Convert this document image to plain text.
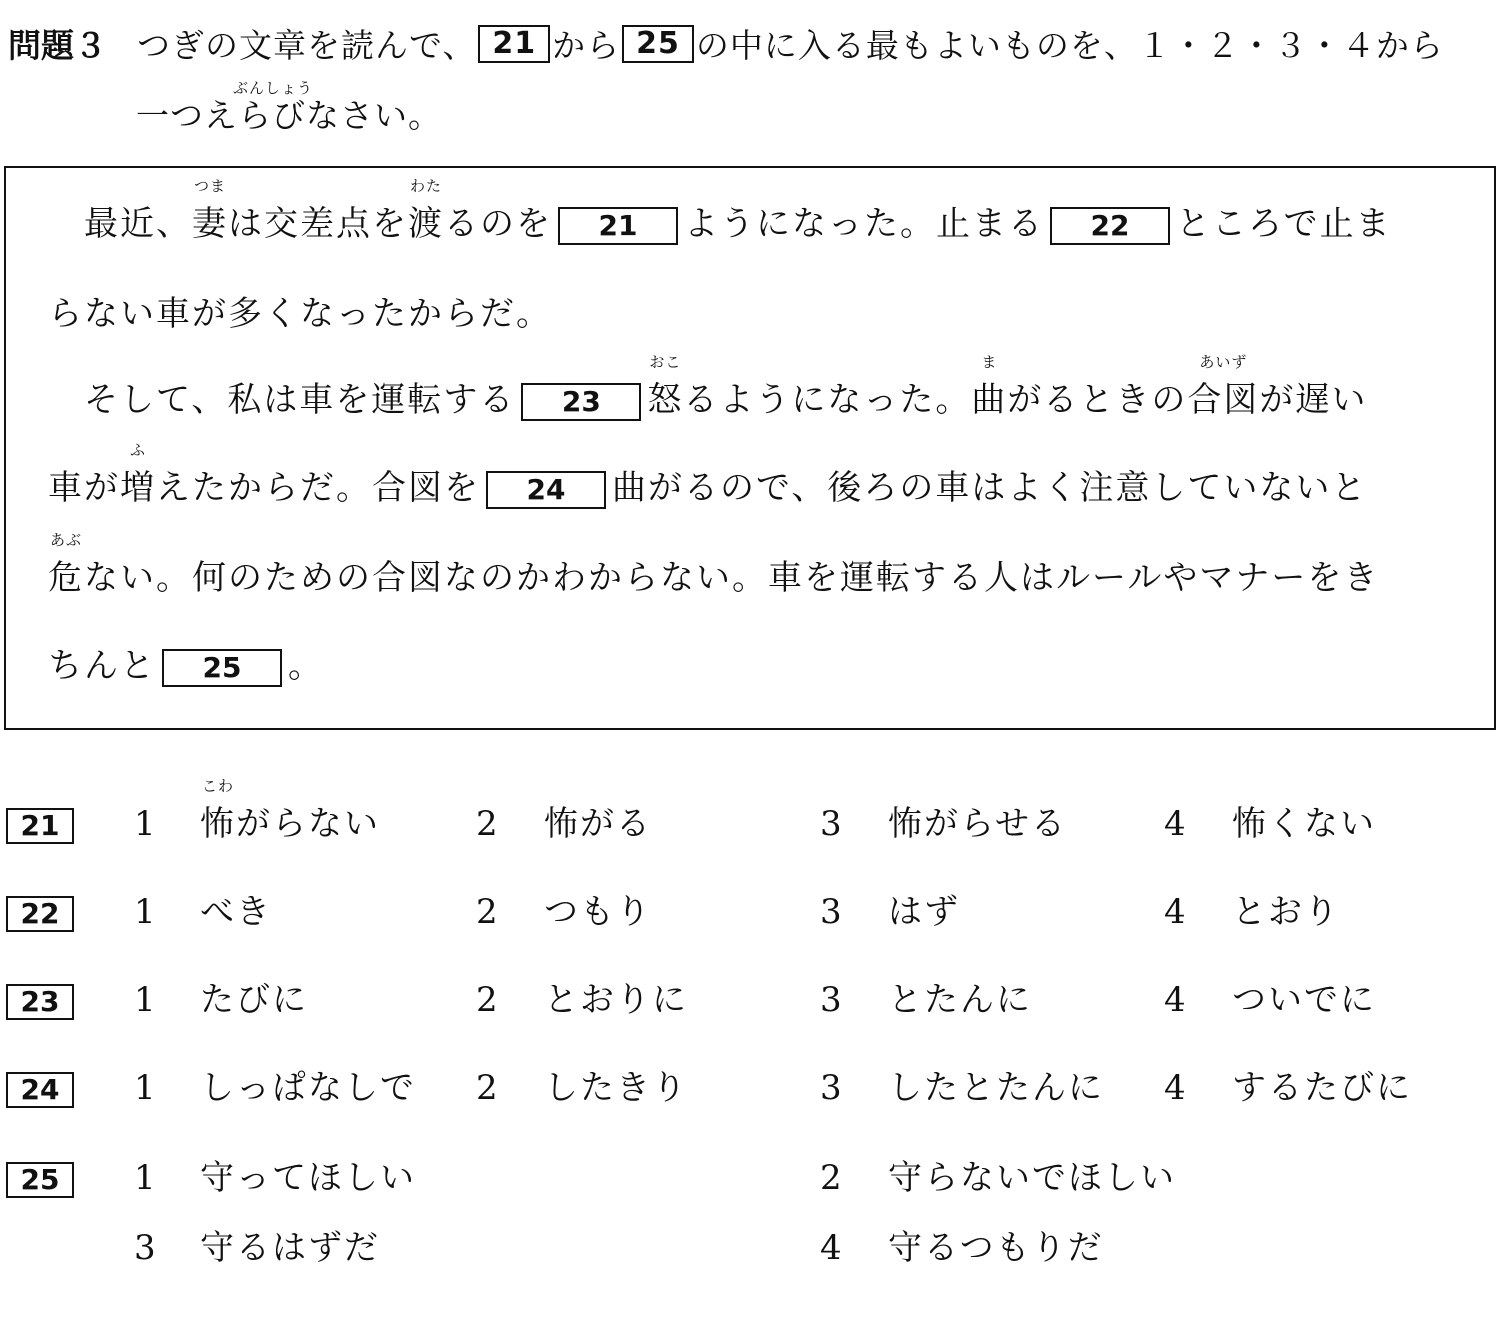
問題３ つぎの文章
ぶんしょう
を読んで、 21 から 25 の中に入る最もよいものを、１・２・３・４から
一つえらびなさい。
最近、妻
つま
は交差点を渡
わた
るのを 21 ようになった。止まる 22 ところで止ま
らない車が多くなったからだ。
そして、私は車を運転する 23 怒
おこ
るようになった。曲
ま
がるときの合図
あいず
が遅い
車が増
ふ
えたからだ。合図を 24 曲がるので、後ろの車はよく注意していないと
危
あぶ
ない。何のための合図なのかわからない。車を運転する人はルールやマナーをき
ちんと 25 。
21	1 怖
こわ
がらない	2 怖がる	3 怖がらせる	4 怖くない
22	1 べき	2 つもり	3 はず	4 とおり
23	1 たびに	2 とおりに	3 とたんに	4 ついでに
24	1 しっぱなしで 2 したきり	3 したとたんに 4 するたびに
25	1 守ってほしい	2 守らないでほしい
3 守るはずだ	4 守るつもりだ
